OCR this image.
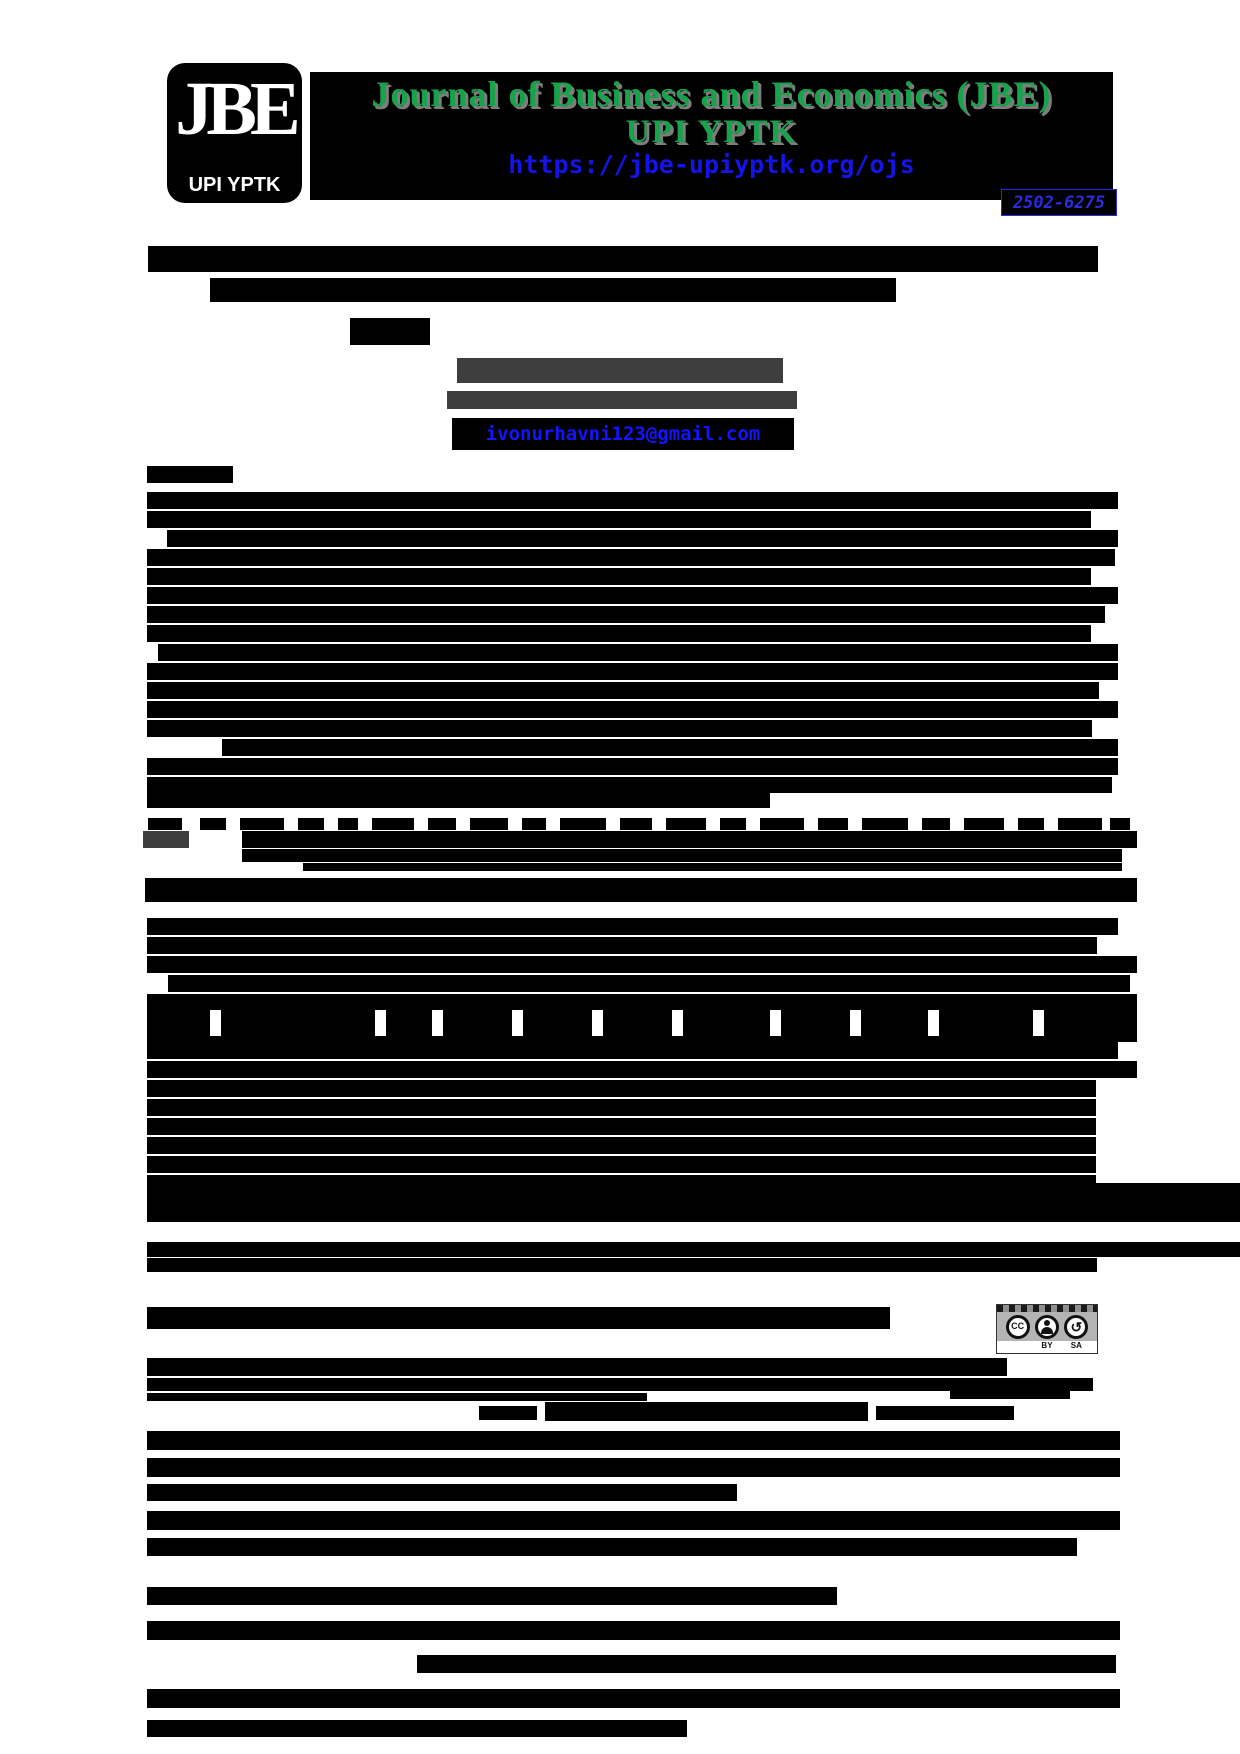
Journal of Business and Economics (JBE)
UPI YPTK
https://jbe-upiyptk.org/ojs
JBE
UPI YPTK
2502-6275
ivonurhavni123@gmail.com
CC	↺
BY	SA
